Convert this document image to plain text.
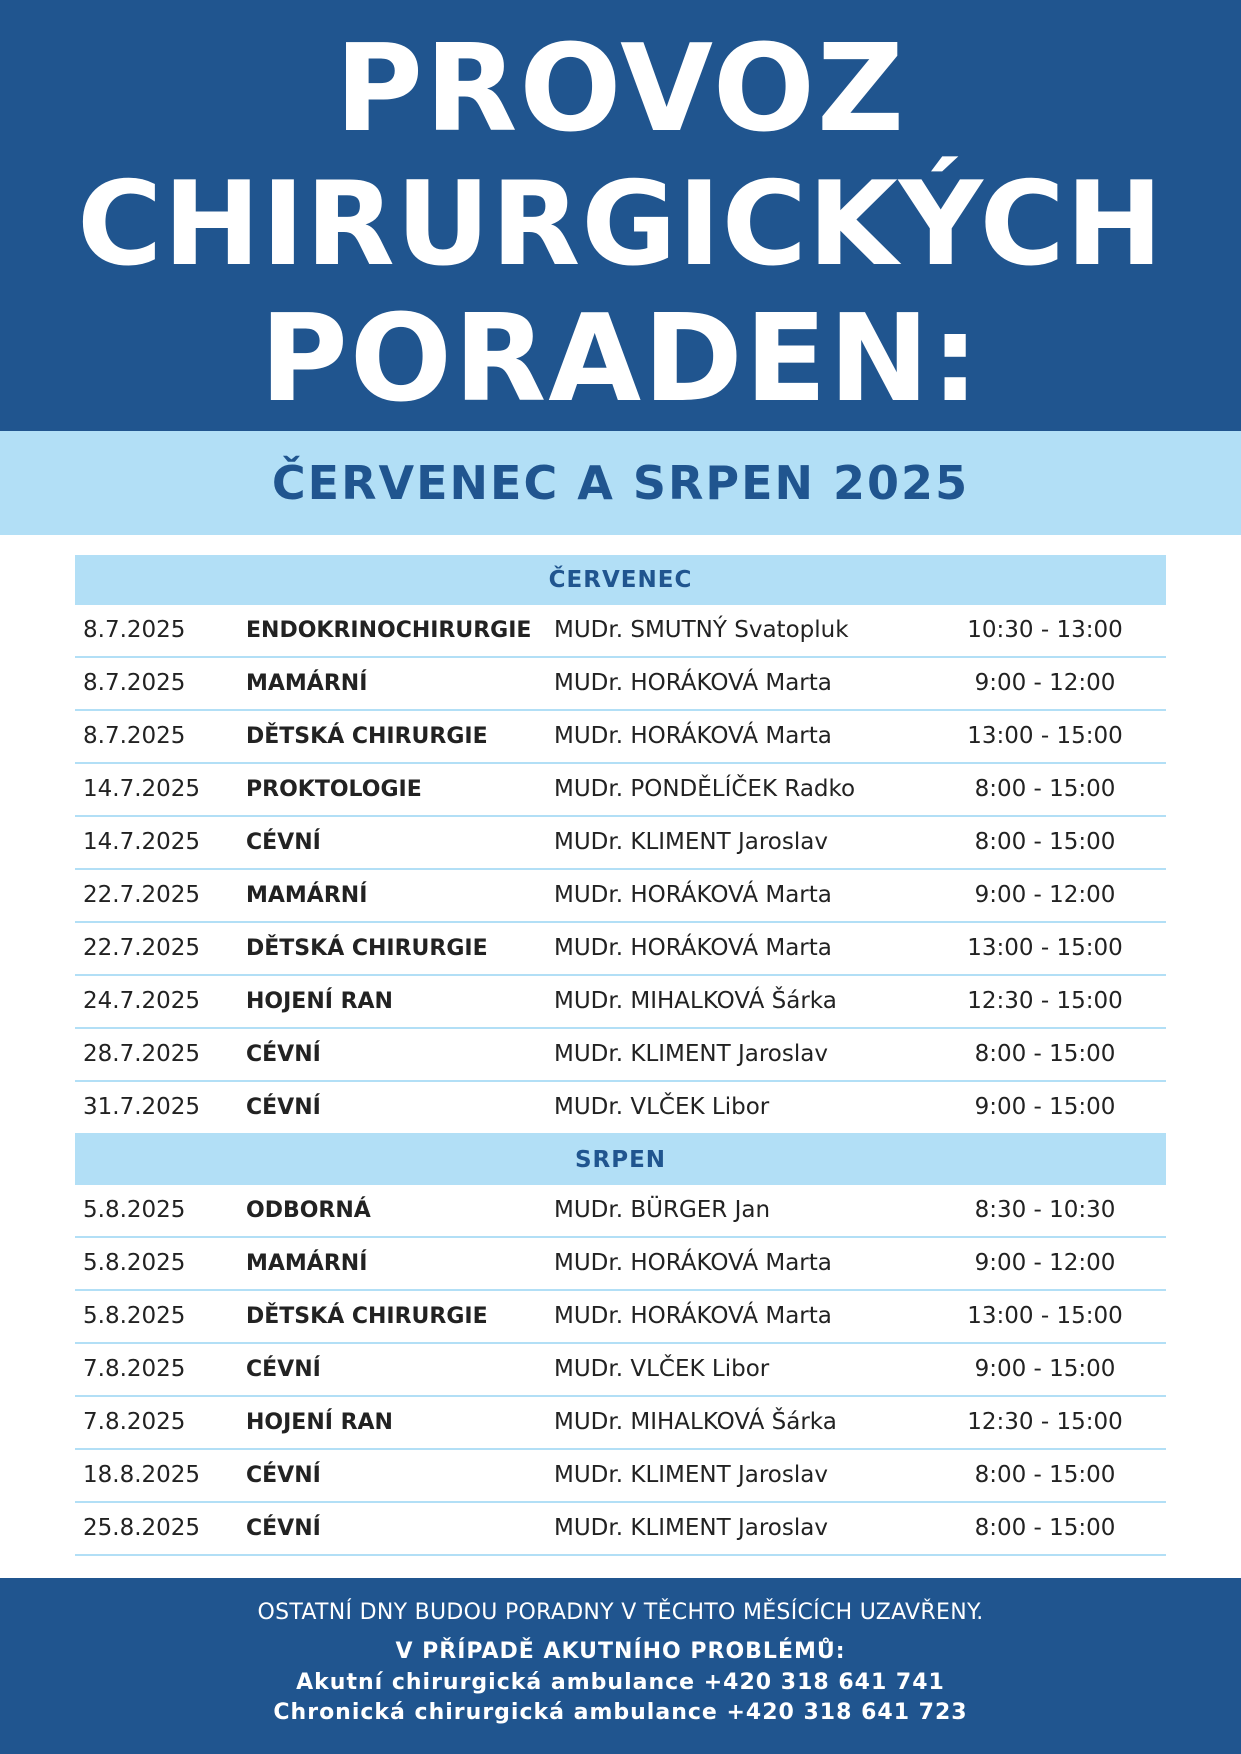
PROVOZ
CHIRURGICKÝCH
PORADEN:
ČERVENEC A SRPEN 2025
ČERVENEC
8.7.2025	ENDOKRINOCHIRURGIE MUDr. SMUTNÝ Svatopluk	10:30 - 13:00
8.7.2025	MAMÁRNÍ	MUDr. HORÁKOVÁ Marta	9:00 - 12:00
8.7.2025	DĚTSKÁ CHIRURGIE	MUDr. HORÁKOVÁ Marta	13:00 - 15:00
14.7.2025 PROKTOLOGIE	MUDr. PONDĚLÍČEK Radko	8:00 - 15:00
14.7.2025 CÉVNÍ	MUDr. KLIMENT Jaroslav	8:00 - 15:00
22.7.2025 MAMÁRNÍ	MUDr. HORÁKOVÁ Marta	9:00 - 12:00
22.7.2025 DĚTSKÁ CHIRURGIE	MUDr. HORÁKOVÁ Marta	13:00 - 15:00
24.7.2025 HOJENÍ RAN	MUDr. MIHALKOVÁ Šárka	12:30 - 15:00
28.7.2025 CÉVNÍ	MUDr. KLIMENT Jaroslav	8:00 - 15:00
31.7.2025 CÉVNÍ	MUDr. VLČEK Libor	9:00 - 15:00
SRPEN
5.8.2025	ODBORNÁ	MUDr. BÜRGER Jan	8:30 - 10:30
5.8.2025	MAMÁRNÍ	MUDr. HORÁKOVÁ Marta	9:00 - 12:00
5.8.2025	DĚTSKÁ CHIRURGIE	MUDr. HORÁKOVÁ Marta	13:00 - 15:00
7.8.2025	CÉVNÍ	MUDr. VLČEK Libor	9:00 - 15:00
7.8.2025	HOJENÍ RAN	MUDr. MIHALKOVÁ Šárka	12:30 - 15:00
18.8.2025 CÉVNÍ	MUDr. KLIMENT Jaroslav	8:00 - 15:00
25.8.2025 CÉVNÍ	MUDr. KLIMENT Jaroslav	8:00 - 15:00
OSTATNÍ DNY BUDOU PORADNY V TĚCHTO MĚSÍCÍCH UZAVŘENY.
V PŘÍPADĚ AKUTNÍHO PROBLÉMŮ:
Akutní chirurgická ambulance +420 318 641 741
Chronická chirurgická ambulance +420 318 641 723
